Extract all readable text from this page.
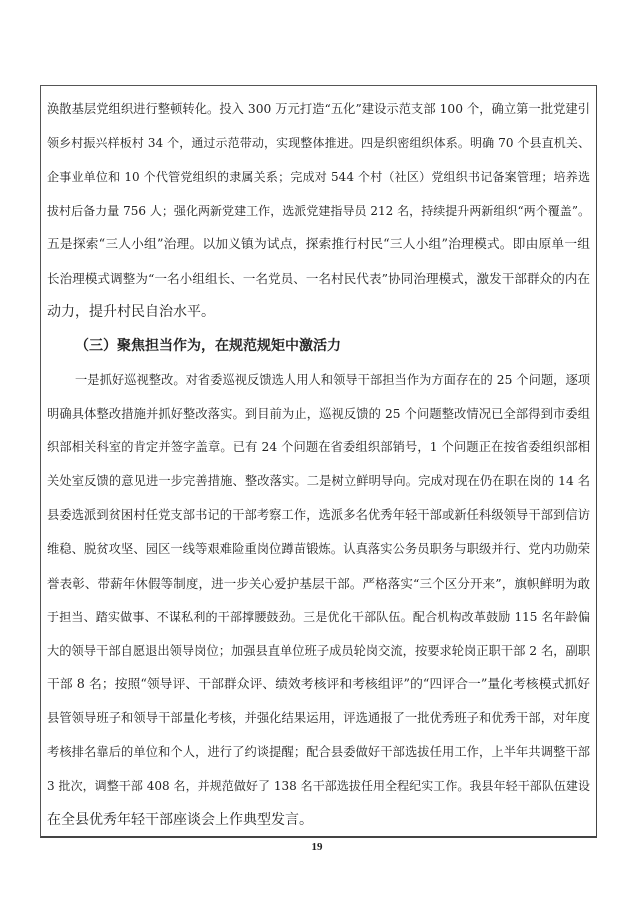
涣散基层党组织进行整顿转化。投入 300 万元打造“五化”建设示范支部 100 个，确立第一批党建引
领乡村振兴样板村 34 个，通过示范带动，实现整体推进。四是织密组织体系。明确 70 个县直机关、
企事业单位和 10 个代管党组织的隶属关系；完成对 544 个村（社区）党组织书记备案管理；培养选
拔村后备力量 756 人；强化两新党建工作，选派党建指导员 212 名，持续提升两新组织“两个覆盖”。
五是探索“三人小组”治理。以加义镇为试点，探索推行村民“三人小组”治理模式。即由原单一组
长治理模式调整为“一名小组组长、一名党员、一名村民代表”协同治理模式，激发干部群众的内在
动力，提升村民自治水平。
（三）聚焦担当作为，在规范规矩中激活力
一是抓好巡视整改。对省委巡视反馈选人用人和领导干部担当作为方面存在的 25 个问题，逐项
明确具体整改措施并抓好整改落实。到目前为止，巡视反馈的 25 个问题整改情况已全部得到市委组
织部相关科室的肯定并签字盖章。已有 24 个问题在省委组织部销号，1 个问题正在按省委组织部相
关处室反馈的意见进一步完善措施、整改落实。二是树立鲜明导向。完成对现在仍在职在岗的 14 名
县委选派到贫困村任党支部书记的干部考察工作，选派多名优秀年轻干部或新任科级领导干部到信访
维稳、脱贫攻坚、园区一线等艰难险重岗位蹲苗锻炼。认真落实公务员职务与职级并行、党内功勋荣
誉表彰、带薪年休假等制度，进一步关心爱护基层干部。严格落实“三个区分开来”，旗帜鲜明为敢
于担当、踏实做事、不谋私利的干部撑腰鼓劲。三是优化干部队伍。配合机构改革鼓励 115 名年龄偏
大的领导干部自愿退出领导岗位；加强县直单位班子成员轮岗交流，按要求轮岗正职干部 2 名，副职
干部 8 名；按照“领导评、干部群众评、绩效考核评和考核组评”的“四评合一”量化考核模式抓好
县管领导班子和领导干部量化考核，并强化结果运用，评选通报了一批优秀班子和优秀干部，对年度
考核排名靠后的单位和个人，进行了约谈提醒；配合县委做好干部选拔任用工作，上半年共调整干部
3 批次，调整干部 408 名，并规范做好了 138 名干部选拔任用全程纪实工作。我县年轻干部队伍建设
在全县优秀年轻干部座谈会上作典型发言。
19
